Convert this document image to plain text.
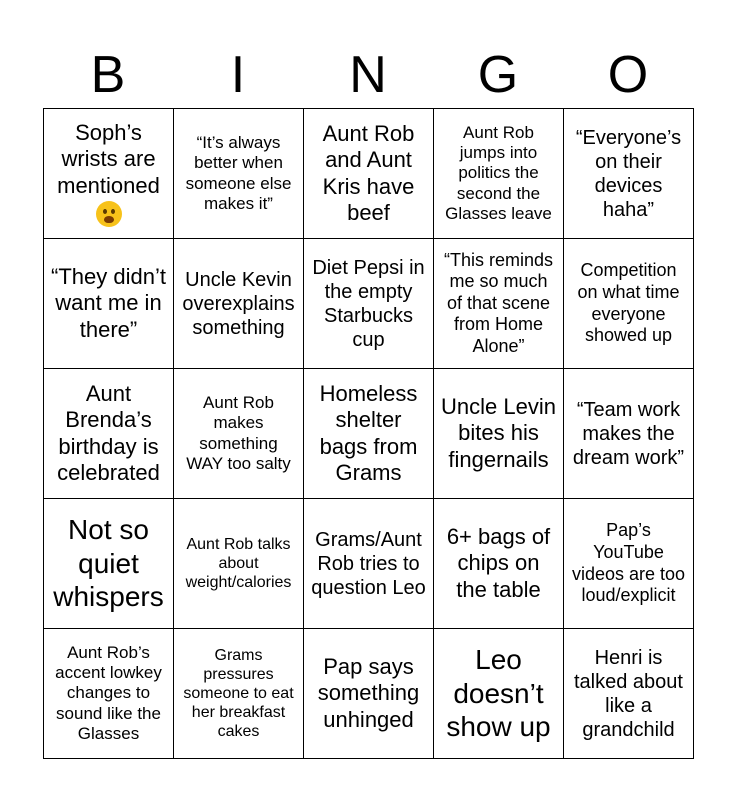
B	I	N	G	O
Soph’s wrists are mentioned	“It’s always better when someone else makes it”	Aunt Rob and Aunt Kris have beef	Aunt Rob jumps into politics the second the Glasses leave	“Everyone’s on their devices haha”
“They didn’t want me in there”	Uncle Kevin overexplains something	Diet Pepsi in the empty Starbucks cup	“This reminds me so much of that scene from Home Alone”	Competition on what time everyone showed up
Aunt Brenda’s birthday is celebrated	Aunt Rob makes something WAY too salty	Homeless shelter bags from Grams	Uncle Levin bites his fingernails	“Team work makes the dream work”
Not so quiet whispers	Aunt Rob talks about weight/calories	Grams/Aunt Rob tries to question Leo	6+ bags of chips on the table	Pap’s YouTube videos are too loud/explicit
Aunt Rob’s accent lowkey changes to sound like the Glasses	Grams pressures someone to eat her breakfast cakes	Pap says something unhinged	Leo doesn’t show up	Henri is talked about like a grandchild
